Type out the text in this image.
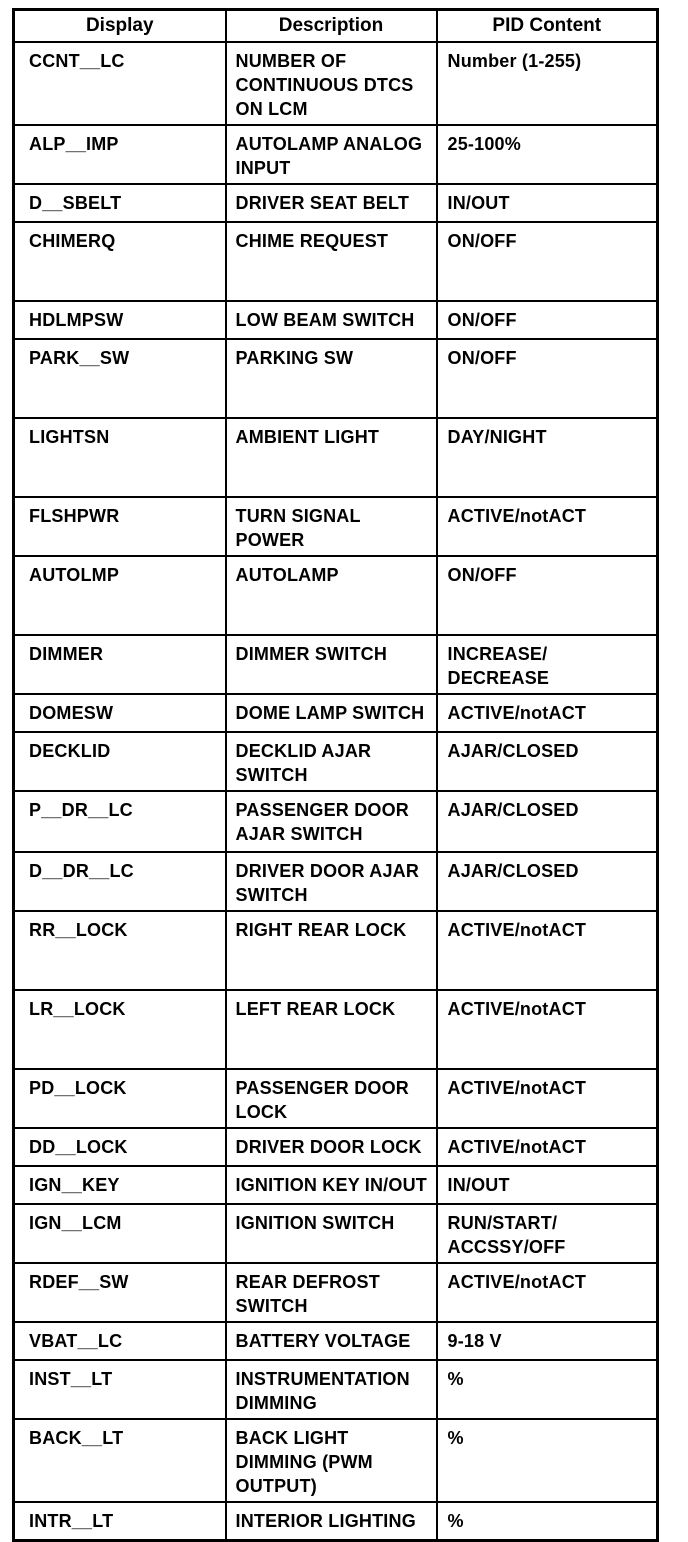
Display	Description	PID Content
CCNT__LC	NUMBER OF CONTINUOUS DTCS ON LCM	Number (1-255)
ALP__IMP	AUTOLAMP ANALOG INPUT	25-100%
D__SBELT	DRIVER SEAT BELT	IN/OUT
CHIMERQ	CHIME REQUEST	ON/OFF
HDLMPSW	LOW BEAM SWITCH	ON/OFF
PARK__SW	PARKING SW	ON/OFF
LIGHTSN	AMBIENT LIGHT	DAY/NIGHT
FLSHPWR	TURN SIGNAL POWER	ACTIVE/notACT
AUTOLMP	AUTOLAMP	ON/OFF
DIMMER	DIMMER SWITCH	INCREASE/ DECREASE
DOMESW	DOME LAMP SWITCH	ACTIVE/notACT
DECKLID	DECKLID AJAR SWITCH	AJAR/CLOSED
P__DR__LC	PASSENGER DOOR AJAR SWITCH	AJAR/CLOSED
D__DR__LC	DRIVER DOOR AJAR SWITCH	AJAR/CLOSED
RR__LOCK	RIGHT REAR LOCK	ACTIVE/notACT
LR__LOCK	LEFT REAR LOCK	ACTIVE/notACT
PD__LOCK	PASSENGER DOOR LOCK	ACTIVE/notACT
DD__LOCK	DRIVER DOOR LOCK	ACTIVE/notACT
IGN__KEY	IGNITION KEY IN/OUT	IN/OUT
IGN__LCM	IGNITION SWITCH	RUN/START/ ACCSSY/OFF
RDEF__SW	REAR DEFROST SWITCH	ACTIVE/notACT
VBAT__LC	BATTERY VOLTAGE	9-18 V
INST__LT	INSTRUMENTATION DIMMING	%
BACK__LT	BACK LIGHT DIMMING (PWM OUTPUT)	%
INTR__LT	INTERIOR LIGHTING	%
